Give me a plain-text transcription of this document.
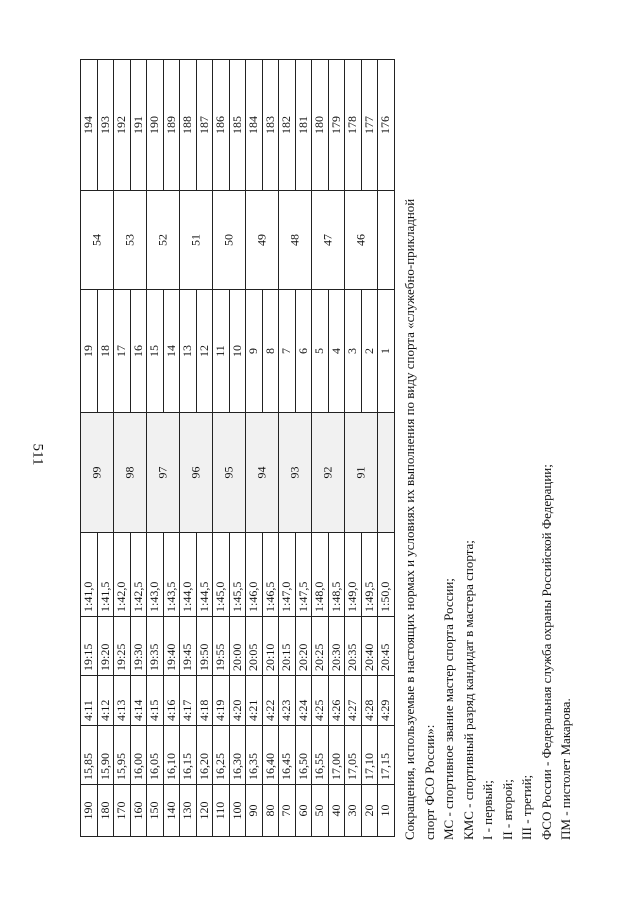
511
190	15,85	4:11	19:15	1:41,0	99	19	54	194
180	15,90	4:12	19:20	1:41,5		18		193
170	15,95	4:13	19:25	1:42,0	98	17	53	192
160	16,00	4:14	19:30	1:42,5		16		191
150	16,05	4:15	19:35	1:43,0	97	15	52	190
140	16,10	4:16	19:40	1:43,5		14		189
130	16,15	4:17	19:45	1:44,0	96	13	51	188
120	16,20	4:18	19:50	1:44,5		12		187
110	16,25	4:19	19:55	1:45,0	95	11	50	186
100	16,30	4:20	20:00	1:45,5		10		185
90	16,35	4:21	20:05	1:46,0	94	9	49	184
80	16,40	4:22	20:10	1:46,5		8		183
70	16,45	4:23	20:15	1:47,0	93	7	48	182
60	16,50	4:24	20:20	1:47,5		6		181
50	16,55	4:25	20:25	1:48,0	92	5	47	180
40	17,00	4:26	20:30	1:48,5		4		179
30	17,05	4:27	20:35	1:49,0	91	3	46	178
20	17,10	4:28	20:40	1:49,5		2		177
10	17,15	4:29	20:45	1:50,0		1		176

Сокращения, используемые в настоящих нормах и условиях их выполнения по виду спорта «служебно-прикладной спорт ФСО России»: МС - спортивное звание мастер спорта России; КМС - спортивный разряд кандидат в мастера спорта; I - первый; II - второй; III - третий; ФСО России - Федеральная служба охраны Российской Федерации; ПМ - пистолет Макарова.
